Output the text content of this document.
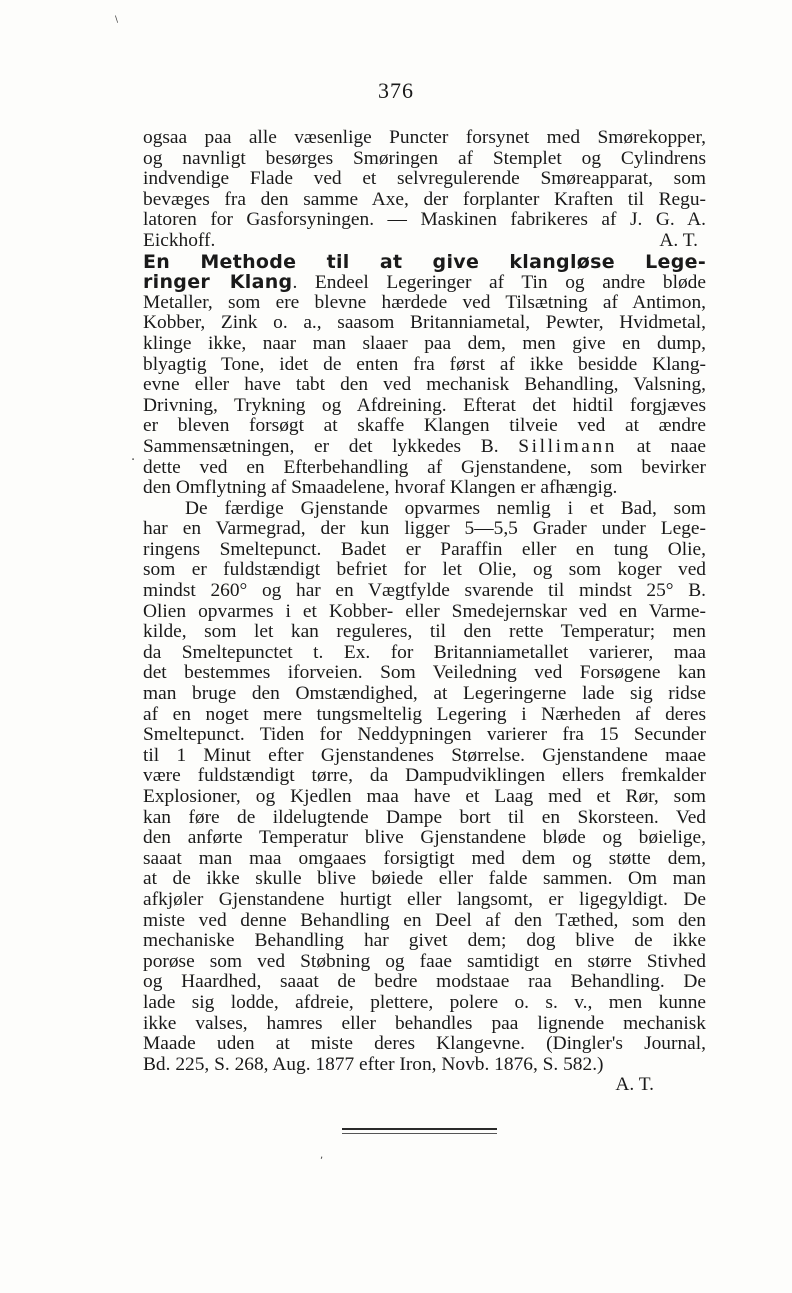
\
376
ogsaa paa alle væsenlige Puncter forsynet med Smørekopper,
og navnligt besørges Smøringen af Stemplet og Cylindrens
indvendige Flade ved et selvregulerende Smøreapparat, som
bevæges fra den samme Axe, der forplanter Kraften til Regu-
latoren for Gasforsyningen. — Maskinen fabrikeres af J. G. A.
Eickhoff.	A. T.
En Methode til at give klangløse Lege-
ringer Klang. Endeel Legeringer af Tin og andre bløde
Metaller, som ere blevne hærdede ved Tilsætning af Antimon,
Kobber, Zink o. a., saasom Britanniametal, Pewter, Hvidmetal,
klinge ikke, naar man slaaer paa dem, men give en dump,
blyagtig Tone, idet de enten fra først af ikke besidde Klang-
evne eller have tabt den ved mechanisk Behandling, Valsning,
Drivning, Trykning og Afdreining. Efterat det hidtil forgjæves
er bleven forsøgt at skaffe Klangen tilveie ved at ændre
Sammensætningen, er det lykkedes B. Sillimann at naae
dette ved en Efterbehandling af Gjenstandene, som bevirker
den Omflytning af Smaadelene, hvoraf Klangen er afhængig.
De færdige Gjenstande opvarmes nemlig i et Bad, som
har en Varmegrad, der kun ligger 5—5,5 Grader under Lege-
ringens Smeltepunct. Badet er Paraffin eller en tung Olie,
som er fuldstændigt befriet for let Olie, og som koger ved
mindst 260° og har en Vægtfylde svarende til mindst 25° B.
Olien opvarmes i et Kobber- eller Smedejernskar ved en Varme-
kilde, som let kan reguleres, til den rette Temperatur; men
da Smeltepunctet t. Ex. for Britanniametallet varierer, maa
det bestemmes iforveien. Som Veiledning ved Forsøgene kan
man bruge den Omstændighed, at Legeringerne lade sig ridse
af en noget mere tungsmeltelig Legering i Nærheden af deres
Smeltepunct. Tiden for Neddypningen varierer fra 15 Secunder
til 1 Minut efter Gjenstandenes Størrelse. Gjenstandene maae
være fuldstændigt tørre, da Dampudviklingen ellers fremkalder
Explosioner, og Kjedlen maa have et Laag med et Rør, som
kan føre de ildelugtende Dampe bort til en Skorsteen. Ved
den anførte Temperatur blive Gjenstandene bløde og bøielige,
saaat man maa omgaaes forsigtigt med dem og støtte dem,
at de ikke skulle blive bøiede eller falde sammen. Om man
afkjøler Gjenstandene hurtigt eller langsomt, er ligegyldigt. De
miste ved denne Behandling en Deel af den Tæthed, som den
mechaniske Behandling har givet dem; dog blive de ikke
porøse som ved Støbning og faae samtidigt en større Stivhed
og Haardhed, saaat de bedre modstaae raa Behandling. De
lade sig lodde, afdreie, plettere, polere o. s. v., men kunne
ikke valses, hamres eller behandles paa lignende mechanisk
Maade uden at miste deres Klangevne. (Dingler's Journal,
Bd. 225, S. 268, Aug. 1877 efter Iron, Novb. 1876, S. 582.)
A. T.
·
,
